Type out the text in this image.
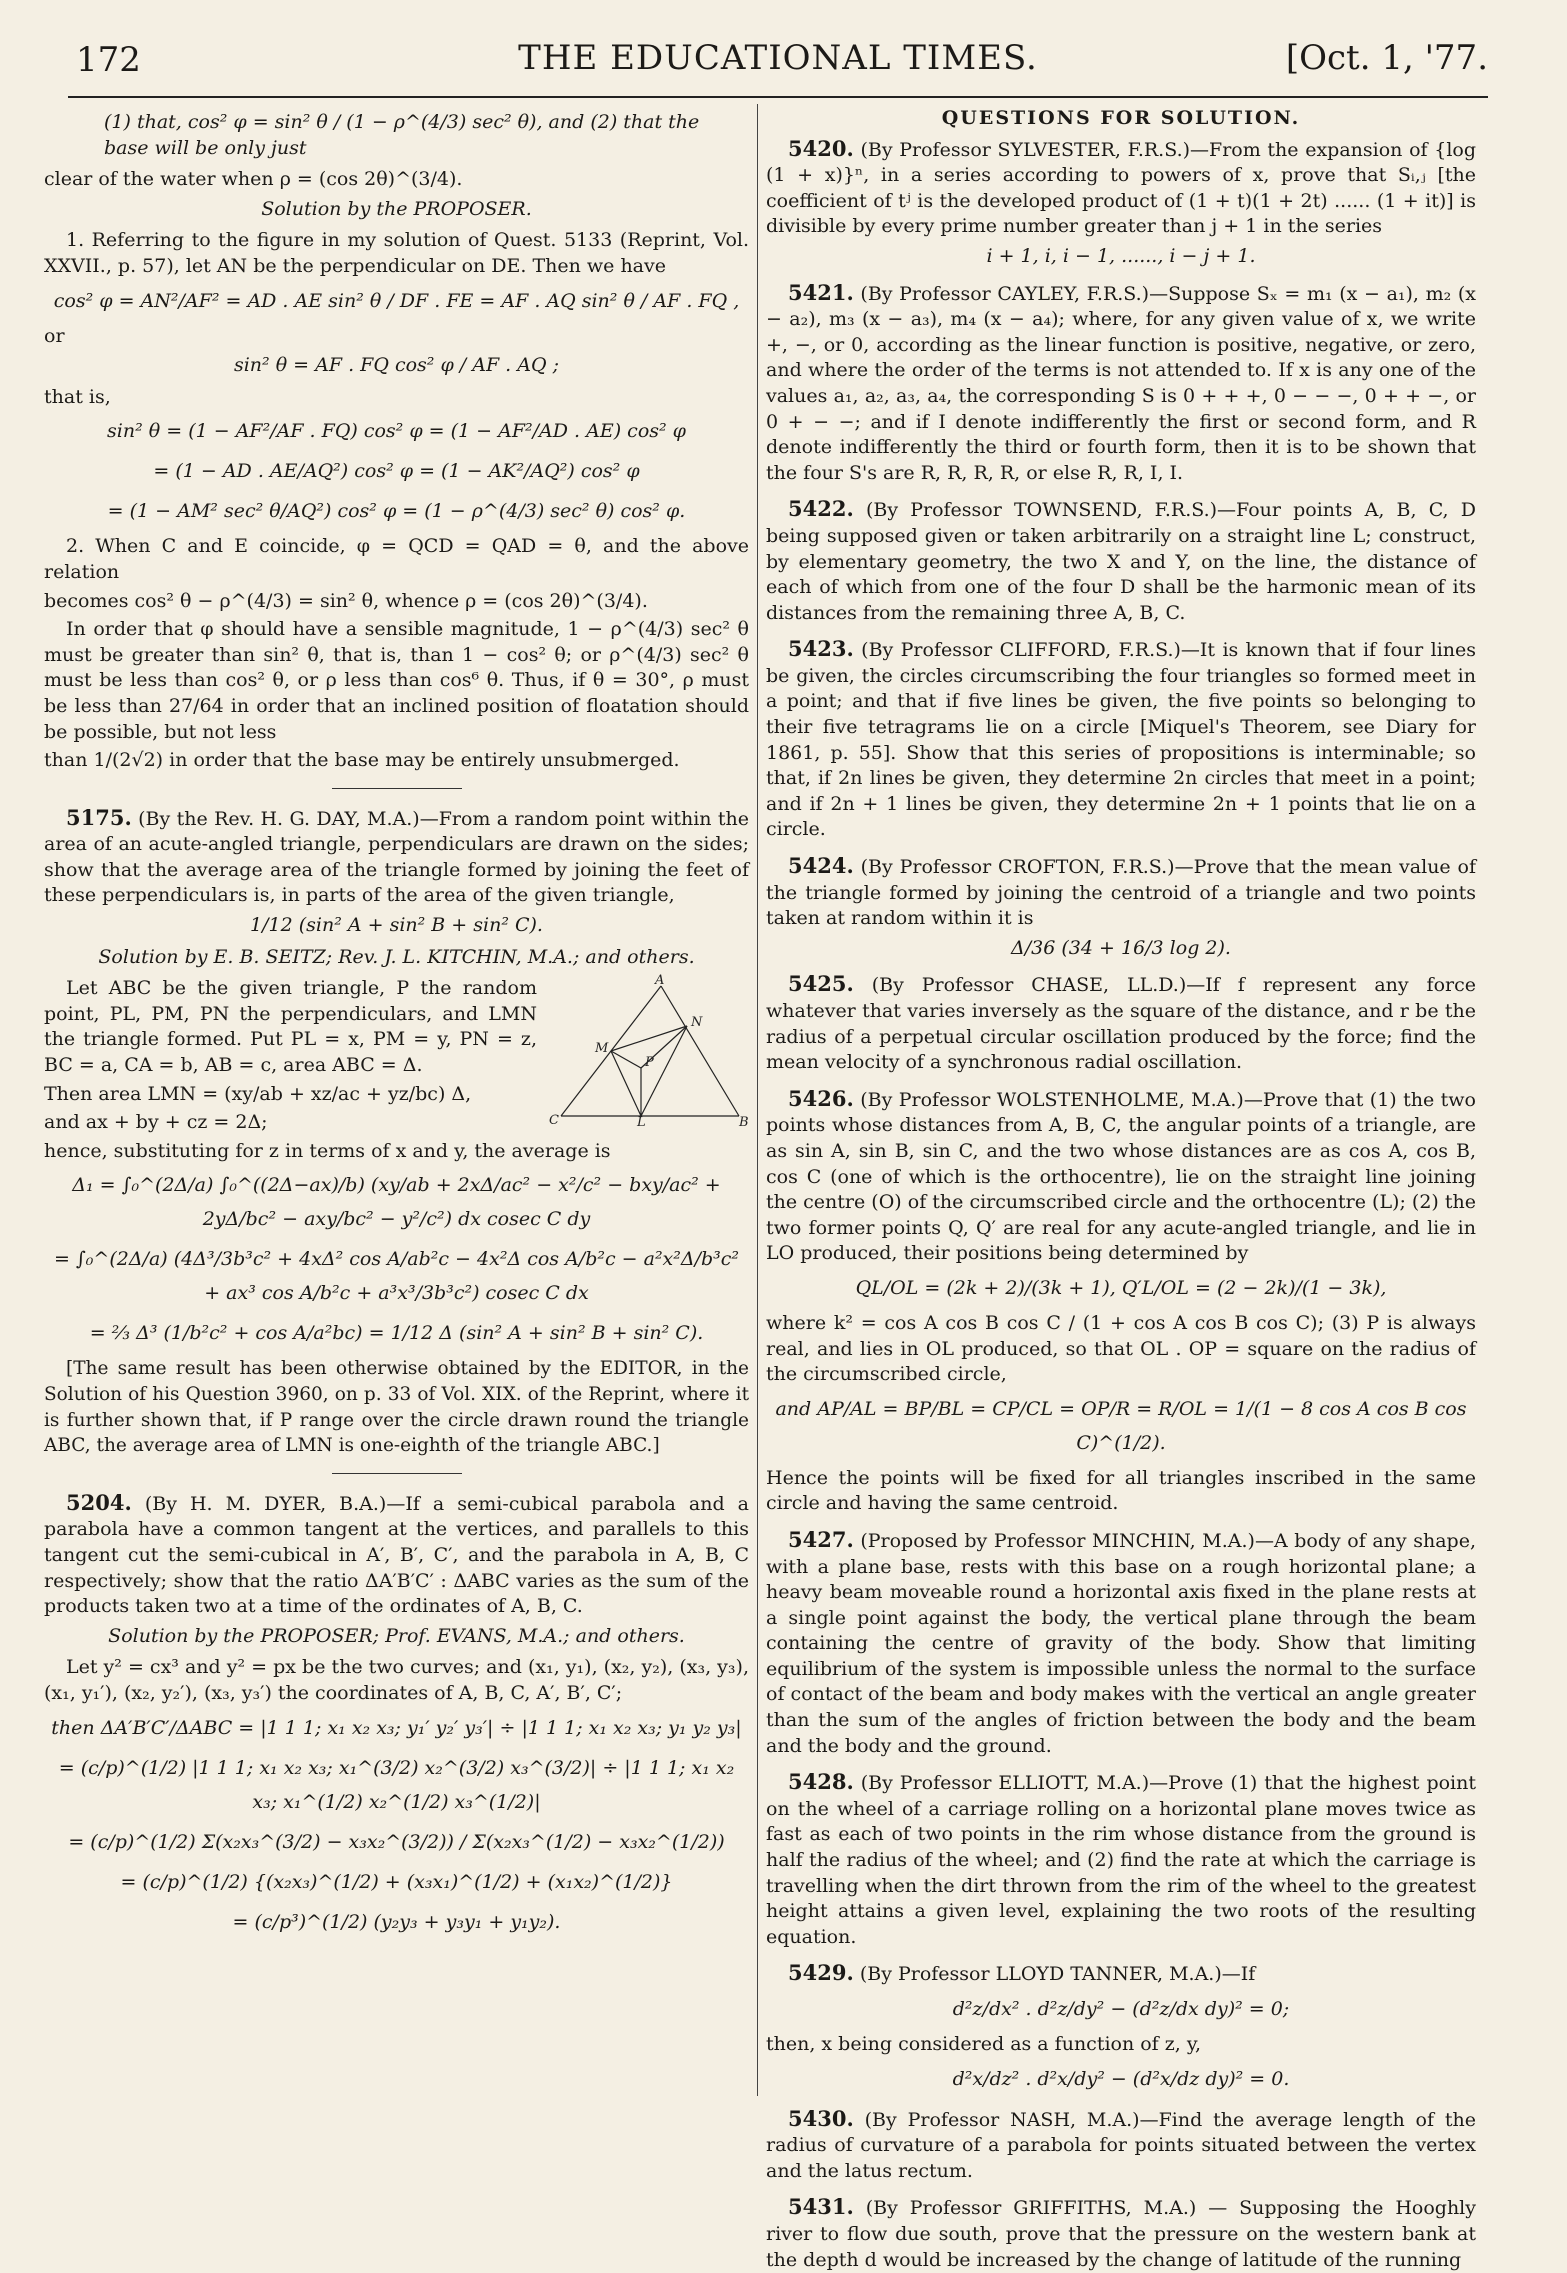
172	THE EDUCATIONAL TIMES.	[Oct. 1, '77.

(1) that, cos² φ = sin² θ / (1 − ρ^(4/3) sec² θ), and (2) that the base will be only just

clear of the water when ρ = (cos 2θ)^(3/4).

Solution by the PROPOSER.

1. Referring to the figure in my solution of Quest. 5133 (Reprint, Vol. XXVII., p. 57), let AN be the perpendicular on DE. Then we have

cos² φ = AN²/AF² = AD . AE sin² θ / DF . FE = AF . AQ sin² θ / AF . FQ ,

or

sin² θ = AF . FQ cos² φ / AF . AQ ;

that is,

sin² θ = (1 − AF²/AF . FQ) cos² φ = (1 − AF²/AD . AE) cos² φ
= (1 − AD . AE/AQ²) cos² φ = (1 − AK²/AQ²) cos² φ
= (1 − AM² sec² θ/AQ²) cos² φ = (1 − ρ^(4/3) sec² θ) cos² φ.

2. When C and E coincide, φ = QCD = QAD = θ, and the above relation

becomes cos² θ − ρ^(4/3) = sin² θ, whence ρ = (cos 2θ)^(3/4).

In order that φ should have a sensible magnitude, 1 − ρ^(4/3) sec² θ must be greater than sin² θ, that is, than 1 − cos² θ; or ρ^(4/3) sec² θ must be less than cos² θ, or ρ less than cos⁶ θ. Thus, if θ = 30°, ρ must be less than 27/64 in order that an inclined position of floatation should be possible, but not less

than 1/(2√2) in order that the base may be entirely unsubmerged.

5175. (By the Rev. H. G. DAY, M.A.)—From a random point within the area of an acute-angled triangle, perpendiculars are drawn on the sides; show that the average area of the triangle formed by joining the feet of these perpendiculars is, in parts of the area of the given triangle,

1/12 (sin² A + sin² B + sin² C).
Solution by E. B. SEITZ; Rev. J. L. KITCHIN, M.A.; and others.
A
N
M
P
C	L	B

Let ABC be the given triangle, P the random point, PL, PM, PN the perpendiculars, and LMN the triangle formed. Put PL = x, PM = y, PN = z, BC = a, CA = b, AB = c, area ABC = Δ.

Then area LMN = (xy/ab + xz/ac + yz/bc) Δ,

and ax + by + cz = 2Δ;

hence, substituting for z in terms of x and y, the average is

Δ₁ = ∫₀^(2Δ/a) ∫₀^((2Δ−ax)/b) (xy/ab + 2xΔ/ac² − x²/c² − bxy/ac² + 2yΔ/bc² − axy/bc² − y²/c²) dx cosec C dy
= ∫₀^(2Δ/a) (4Δ³/3b³c² + 4xΔ² cos A/ab²c − 4x²Δ cos A/b²c − a²x²Δ/b³c² + ax³ cos A/b²c + a³x³/3b³c²) cosec C dx
= ⅔ Δ³ (1/b²c² + cos A/a²bc) = 1/12 Δ (sin² A + sin² B + sin² C).

[The same result has been otherwise obtained by the EDITOR, in the Solution of his Question 3960, on p. 33 of Vol. XIX. of the Reprint, where it is further shown that, if P range over the circle drawn round the triangle ABC, the average area of LMN is one-eighth of the triangle ABC.]

5204. (By H. M. DYER, B.A.)—If a semi-cubical parabola and a parabola have a common tangent at the vertices, and parallels to this tangent cut the semi-cubical in A′, B′, C′, and the parabola in A, B, C respectively; show that the ratio ΔA′B′C′ : ΔABC varies as the sum of the products taken two at a time of the ordinates of A, B, C.

Solution by the PROPOSER; Prof. EVANS, M.A.; and others.

Let y² = cx³ and y² = px be the two curves; and (x₁, y₁), (x₂, y₂), (x₃, y₃), (x₁, y₁′), (x₂, y₂′), (x₃, y₃′) the coordinates of A, B, C, A′, B′, C′;

then ΔA′B′C′/ΔABC = |1 1 1; x₁ x₂ x₃; y₁′ y₂′ y₃′| ÷ |1 1 1; x₁ x₂ x₃; y₁ y₂ y₃|
= (c/p)^(1/2) |1 1 1; x₁ x₂ x₃; x₁^(3/2) x₂^(3/2) x₃^(3/2)| ÷ |1 1 1; x₁ x₂ x₃; x₁^(1/2) x₂^(1/2) x₃^(1/2)|
= (c/p)^(1/2) Σ(x₂x₃^(3/2) − x₃x₂^(3/2)) / Σ(x₂x₃^(1/2) − x₃x₂^(1/2))
= (c/p)^(1/2) {(x₂x₃)^(1/2) + (x₃x₁)^(1/2) + (x₁x₂)^(1/2)}
= (c/p³)^(1/2) (y₂y₃ + y₃y₁ + y₁y₂).
QUESTIONS FOR SOLUTION.

5420. (By Professor SYLVESTER, F.R.S.)—From the expansion of {log (1 + x)}ⁿ, in a series according to powers of x, prove that Sᵢ,ⱼ [the coefficient of tʲ is the developed product of (1 + t)(1 + 2t) ...... (1 + it)] is divisible by every prime number greater than j + 1 in the series

i + 1, i, i − 1, ......, i − j + 1.

5421. (By Professor CAYLEY, F.R.S.)—Suppose Sₓ = m₁ (x − a₁), m₂ (x − a₂), m₃ (x − a₃), m₄ (x − a₄); where, for any given value of x, we write +, −, or 0, according as the linear function is positive, negative, or zero, and where the order of the terms is not attended to. If x is any one of the values a₁, a₂, a₃, a₄, the corresponding S is 0 + + +, 0 − − −, 0 + + −, or 0 + − −; and if I denote indifferently the first or second form, and R denote indifferently the third or fourth form, then it is to be shown that the four S's are R, R, R, R, or else R, R, I, I.

5422. (By Professor TOWNSEND, F.R.S.)—Four points A, B, C, D being supposed given or taken arbitrarily on a straight line L; construct, by elementary geometry, the two X and Y, on the line, the distance of each of which from one of the four D shall be the harmonic mean of its distances from the remaining three A, B, C.

5423. (By Professor CLIFFORD, F.R.S.)—It is known that if four lines be given, the circles circumscribing the four triangles so formed meet in a point; and that if five lines be given, the five points so belonging to their five tetragrams lie on a circle [Miquel's Theorem, see Diary for 1861, p. 55]. Show that this series of propositions is interminable; so that, if 2n lines be given, they determine 2n circles that meet in a point; and if 2n + 1 lines be given, they determine 2n + 1 points that lie on a circle.

5424. (By Professor CROFTON, F.R.S.)—Prove that the mean value of the triangle formed by joining the centroid of a triangle and two points taken at random within it is

Δ/36 (34 + 16/3 log 2).

5425. (By Professor CHASE, LL.D.)—If f represent any force whatever that varies inversely as the square of the distance, and r be the radius of a perpetual circular oscillation produced by the force; find the mean velocity of a synchronous radial oscillation.

5426. (By Professor WOLSTENHOLME, M.A.)—Prove that (1) the two points whose distances from A, B, C, the angular points of a triangle, are as sin A, sin B, sin C, and the two whose distances are as cos A, cos B, cos C (one of which is the orthocentre), lie on the straight line joining the centre (O) of the circumscribed circle and the orthocentre (L); (2) the two former points Q, Q′ are real for any acute-angled triangle, and lie in LO produced, their positions being determined by

QL/OL = (2k + 2)/(3k + 1), Q′L/OL = (2 − 2k)/(1 − 3k),

where k² = cos A cos B cos C / (1 + cos A cos B cos C); (3) P is always real, and lies in OL produced, so that OL . OP = square on the radius of the circumscribed circle,

and AP/AL = BP/BL = CP/CL = OP/R = R/OL = 1/(1 − 8 cos A cos B cos C)^(1/2).

Hence the points will be fixed for all triangles inscribed in the same circle and having the same centroid.

5427. (Proposed by Professor MINCHIN, M.A.)—A body of any shape, with a plane base, rests with this base on a rough horizontal plane; a heavy beam moveable round a horizontal axis fixed in the plane rests at a single point against the body, the vertical plane through the beam containing the centre of gravity of the body. Show that limiting equilibrium of the system is impossible unless the normal to the surface of contact of the beam and body makes with the vertical an angle greater than the sum of the angles of friction between the body and the beam and the body and the ground.

5428. (By Professor ELLIOTT, M.A.)—Prove (1) that the highest point on the wheel of a carriage rolling on a horizontal plane moves twice as fast as each of two points in the rim whose distance from the ground is half the radius of the wheel; and (2) find the rate at which the carriage is travelling when the dirt thrown from the rim of the wheel to the greatest height attains a given level, explaining the two roots of the resulting equation.

5429. (By Professor LLOYD TANNER, M.A.)—If

d²z/dx² . d²z/dy² − (d²z/dx dy)² = 0;

then, x being considered as a function of z, y,

d²x/dz² . d²x/dy² − (d²x/dz dy)² = 0.

5430. (By Professor NASH, M.A.)—Find the average length of the radius of curvature of a parabola for points situated between the vertex and the latus rectum.

5431. (By Professor GRIFFITHS, M.A.) — Supposing the Hooghly river to flow due south, prove that the pressure on the western bank at the depth d would be increased by the change of latitude of the running
